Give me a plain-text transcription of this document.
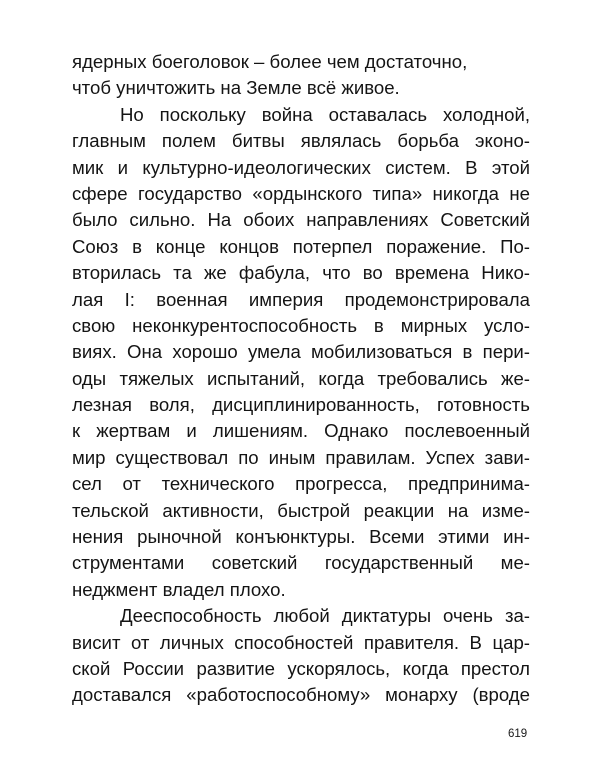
ядерных боеголовок – более чем достаточно,
чтоб уничтожить на Земле всё живое.
Но поскольку война оставалась холодной,
главным полем битвы являлась борьба эконо-
мик и культурно-идеологических систем. В этой
сфере государство «ордынского типа» никогда не
было сильно. На обоих направлениях Советский
Союз в конце концов потерпел поражение. По-
вторилась та же фабула, что во времена Нико-
лая I: военная империя продемонстрировала
свою неконкурентоспособность в мирных усло-
виях. Она хорошо умела мобилизоваться в пери-
оды тяжелых испытаний, когда требовались же-
лезная воля, дисциплинированность, готовность
к жертвам и лишениям. Однако послевоенный
мир существовал по иным правилам. Успех зави-
сел от технического прогресса, предпринима-
тельской активности, быстрой реакции на изме-
нения рыночной конъюнктуры. Всеми этими ин-
струментами советский государственный ме-
неджмент владел плохо.
Дееспособность любой диктатуры очень за-
висит от личных способностей правителя. В цар-
ской России развитие ускорялось, когда престол
доставался «работоспособному» монарху (вроде
619
